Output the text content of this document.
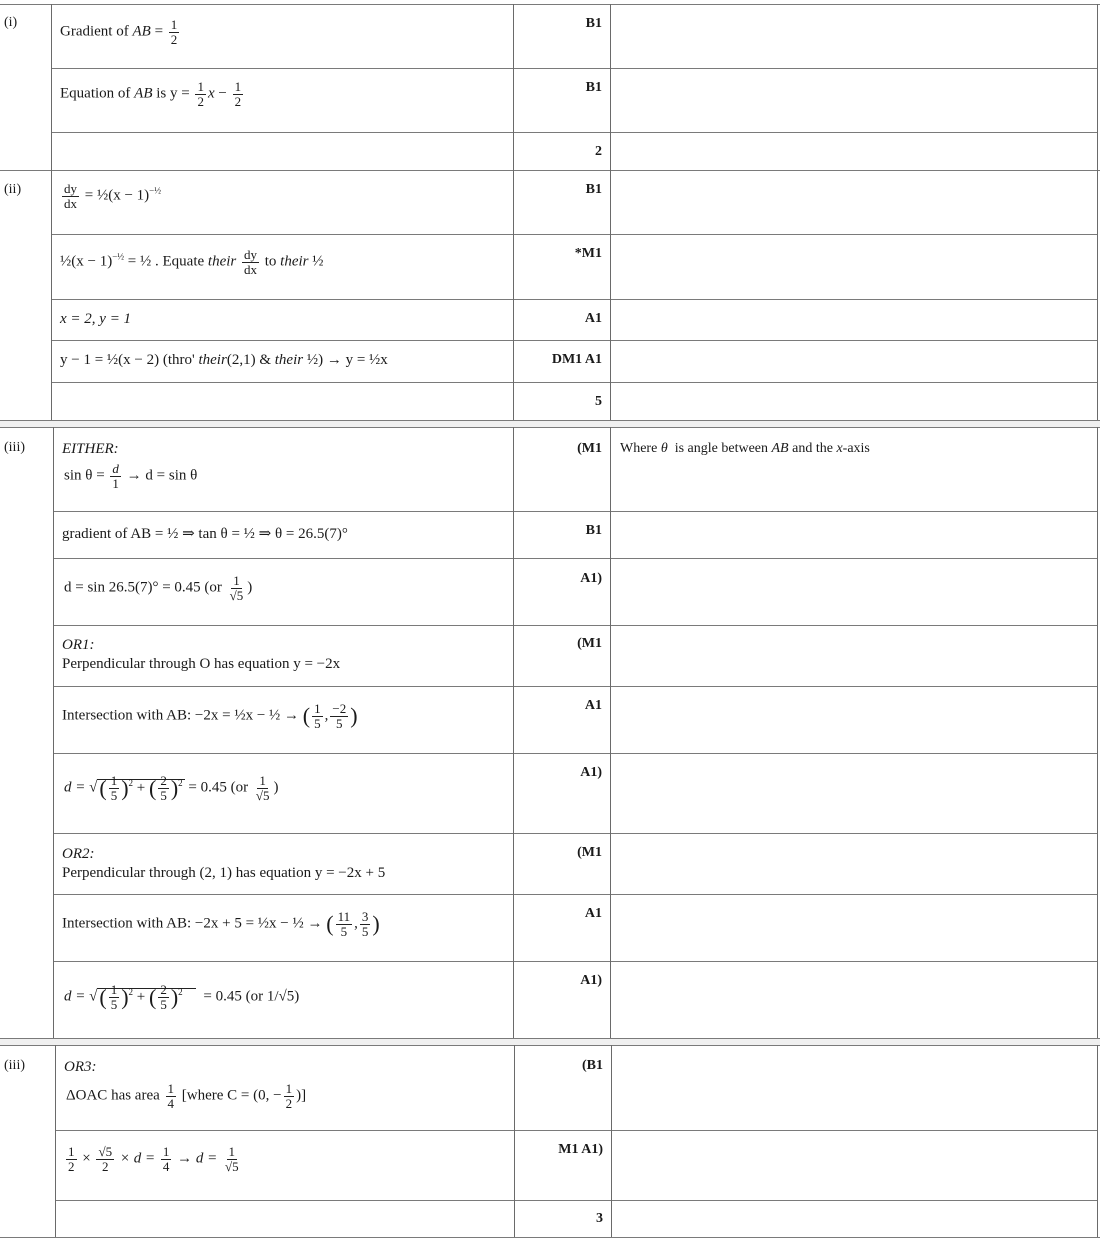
(i)
(ii)
(iii)
(iii)
Gradient of AB = $\frac{1}{2}$
Equation of AB is $y = \frac{1}{2}$ $x - \frac{1}{2}$
B1
B1
2
$\frac{dy}{dx}$ = ½(x − 1)$^{-\frac{1}{2}}$
½(x − 1)$^{-\frac{1}{2}}$ = ½ . Equate their $\frac{dy}{dx}$ to their ½
x = 2, y = 1
y − 1 = ½(x − 2) (thro' their(2,1) & their ½) → y = ½x
B1
*M1
A1
DM1 A1
5
EITHER:
$\sin \theta = \frac{d}{1} \to d = \sin \theta$
gradient of AB = ½ ⇒ tan θ = ½ ⇒ θ = 26.5(7)°
d = sin 26.5(7)° = 0.45 ($or \frac{1}{√5}$ )
OR1:
Perpendicular through O has equation y = −2x
Intersection with AB: −2x = ½x − ½ → ( $\frac{1}{5}$ , $\frac{-2}{5}$ )
d = √( $\frac{1}{5} )^2$ + ( $\frac{2}{5} )^2 = 0.45$ ($or \frac{1}{√5}$ )
OR2:
Perpendicular through (2, 1) has equation y = −2x + 5
Intersection with AB: −2x + 5 = ½x − ½ → ( $\frac{11}{5}$ , $\frac{3}{5}$ )
d = √( $\frac{1}{5} )^2$ + ( $\frac{2}{5} )^2 = 0.45$ (or 1/√5)
(M1
B1
A1)
(M1
A1
A1)
(M1
A1
A1)
Where θ  is angle between AB and the x-axis
OR3:
ΔOAC has area $\frac{1}{4}$ [where C = (0, − $\frac{1}{2}$ )]
$\frac{1}{2} \times \frac{√5}{2} \times d = \frac{1}{4} \to d = \frac{1}{√5}$
(B1
M1 A1)
3
